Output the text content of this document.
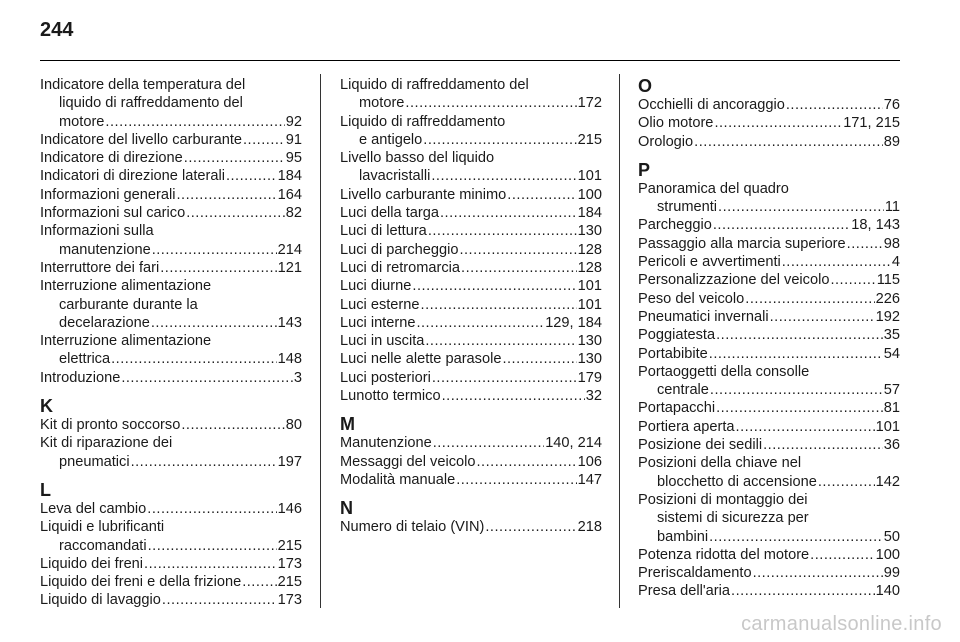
244
Indicatore della temperatura del
liquido di raffreddamento del
motore .....	92
Indicatore del livello carburante .....	91
Indicatore di direzione .....	95
Indicatori di direzione laterali .....	184
Informazioni generali .....	164
Informazioni sul carico .....	82
Informazioni sulla
manutenzione .....	214
Interruttore dei fari .....	121
Interruzione alimentazione
carburante durante la
decelarazione .....	143
Interruzione alimentazione
elettrica .....	148
Introduzione .....	3
K
Kit di pronto soccorso .....	80
Kit di riparazione dei
pneumatici .....	197
L
Leva del cambio .....	146
Liquidi e lubrificanti
raccomandati .....	215
Liquido dei freni .....	173
Liquido dei freni e della frizione ..... 215
Liquido di lavaggio .....	173
Liquido di raffreddamento del
motore .....	172
Liquido di raffreddamento
e antigelo .....	215
Livello basso del liquido
lavacristalli .....	101
Livello carburante minimo .....	100
Luci della targa .....	184
Luci di lettura .....	130
Luci di parcheggio .....	128
Luci di retromarcia .....	128
Luci diurne .....	101
Luci esterne .....	101
Luci interne .....	129, 184
Luci in uscita .....	130
Luci nelle alette parasole .....	130
Luci posteriori .....	179
Lunotto termico .....	32
M
Manutenzione .....	140, 214
Messaggi del veicolo .....	106
Modalità manuale .....	147
N
Numero di telaio (VIN) .....	218
O
Occhielli di ancoraggio .....	76
Olio motore .....	171, 215
Orologio .....	89
P
Panoramica del quadro
strumenti .....	11
Parcheggio .....	18, 143
Passaggio alla marcia superiore .....	98
Pericoli e avvertimenti .....	4
Personalizzazione del veicolo .....	115
Peso del veicolo .....	226
Pneumatici invernali .....	192
Poggiatesta .....	35
Portabibite .....	54
Portaoggetti della consolle
centrale .....	57
Portapacchi .....	81
Portiera aperta .....	101
Posizione dei sedili .....	36
Posizioni della chiave nel
blocchetto di accensione .....	142
Posizioni di montaggio dei
sistemi di sicurezza per
bambini .....	50
Potenza ridotta del motore .....	100
Preriscaldamento .....	99
Presa dell'aria .....	140
carmanualsonline.info
